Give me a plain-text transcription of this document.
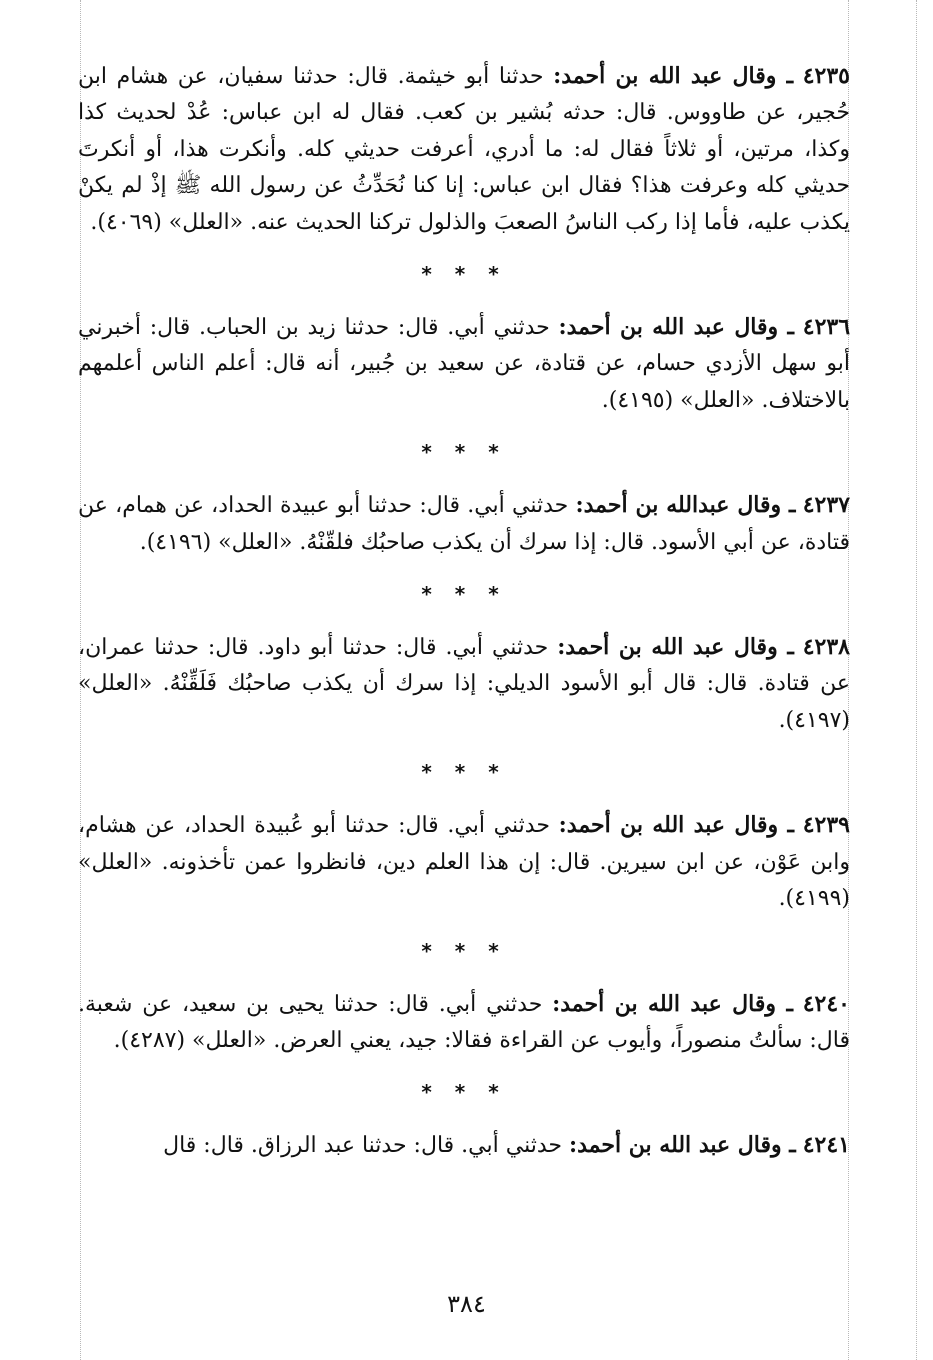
٤٢٣٥ ـ وقال عبد الله بن أحمد: حدثنا أبو خيثمة. قال: حدثنا سفيان، عن هشام ابن حُجير، عن طاووس. قال: حدثه بُشير بن كعب. فقال له ابن عباس: عُدْ لحديث كذا وكذا، مرتين، أو ثلاثاً فقال له: ما أدري، أعرفت حديثي كله. وأنكرت هذا، أو أنكرتَ حديثي كله وعرفت هذا؟ فقال ابن عباس: إنا كنا نُحَدِّثُ عن رسول الله ﷺ إذْ لم يكنْ يكذب عليه، فأما إذا ركب الناسُ الصعبَ والذلول تركنا الحديث عنه. «العلل» (٤٠٦٩).

* * *

٤٢٣٦ ـ وقال عبد الله بن أحمد: حدثني أبي. قال: حدثنا زيد بن الحباب. قال: أخبرني أبو سهل الأزدي حسام، عن قتادة، عن سعيد بن جُبير، أنه قال: أعلم الناس أعلمهم بالاختلاف. «العلل» (٤١٩٥).

* * *

٤٢٣٧ ـ وقال عبدالله بن أحمد: حدثني أبي. قال: حدثنا أبو عبيدة الحداد، عن همام، عن قتادة، عن أبي الأسود. قال: إذا سرك أن يكذب صاحبُك فلقّنْهُ. «العلل» (٤١٩٦).

* * *

٤٢٣٨ ـ وقال عبد الله بن أحمد: حدثني أبي. قال: حدثنا أبو داود. قال: حدثنا عمران، عن قتادة. قال: قال أبو الأسود الديلي: إذا سرك أن يكذب صاحبُك فَلَقِّنْهُ. «العلل» (٤١٩٧).

* * *

٤٢٣٩ ـ وقال عبد الله بن أحمد: حدثني أبي. قال: حدثنا أبو عُبيدة الحداد، عن هشام، وابن عَوْن، عن ابن سيرين. قال: إن هذا العلم دين، فانظروا عمن تأخذونه. «العلل» (٤١٩٩).

* * *

٤٢٤٠ ـ وقال عبد الله بن أحمد: حدثني أبي. قال: حدثنا يحيى بن سعيد، عن شعبة. قال: سألتُ منصوراً، وأيوب عن القراءة فقالا: جيد، يعني العرض. «العلل» (٤٢٨٧).

* * *

٤٢٤١ ـ وقال عبد الله بن أحمد: حدثني أبي. قال: حدثنا عبد الرزاق. قال: قال

٣٨٤
